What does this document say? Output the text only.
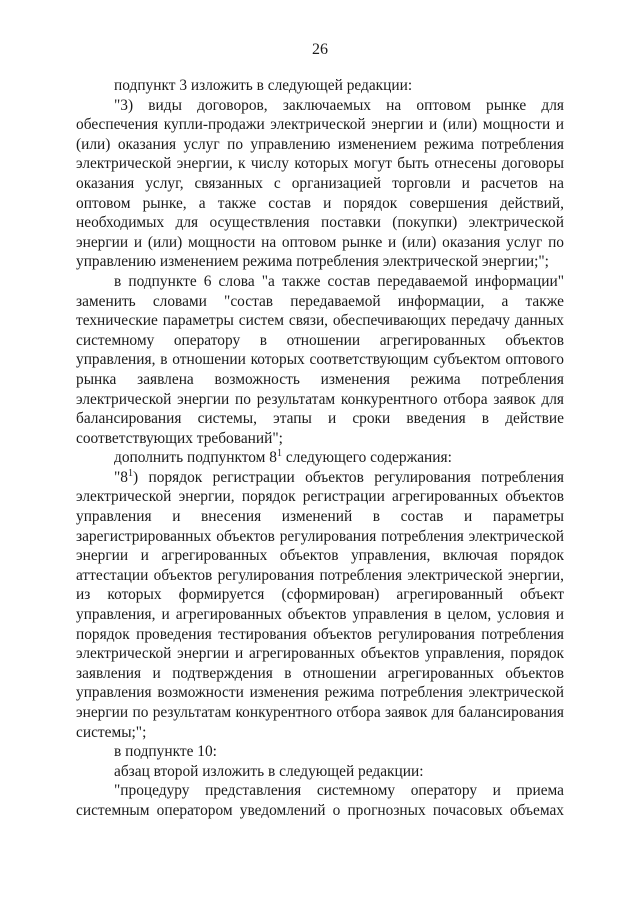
26

подпункт 3 изложить в следующей редакции:

"3) виды договоров, заключаемых на оптовом рынке для обеспечения купли-продажи электрической энергии и (или) мощности и (или) оказания услуг по управлению изменением режима потребления электрической энергии, к числу которых могут быть отнесены договоры оказания услуг, связанных с организацией торговли и расчетов на оптовом рынке, а также состав и порядок совершения действий, необходимых для осуществления поставки (покупки) электрической энергии и (или) мощности на оптовом рынке и (или) оказания услуг по управлению изменением режима потребления электрической энергии;";

в подпункте 6 слова "а также состав передаваемой информации" заменить словами "состав передаваемой информации, а также технические параметры систем связи, обеспечивающих передачу данных системному оператору в отношении агрегированных объектов управления, в отношении которых соответствующим субъектом оптового рынка заявлена возможность изменения режима потребления электрической энергии по результатам конкурентного отбора заявок для балансирования системы, этапы и сроки введения в действие соответствующих требований";

дополнить подпунктом $8^1$ следующего содержания:

"$8^1$) порядок регистрации объектов регулирования потребления электрической энергии, порядок регистрации агрегированных объектов управления и внесения изменений в состав и параметры зарегистрированных объектов регулирования потребления электрической энергии и агрегированных объектов управления, включая порядок аттестации объектов регулирования потребления электрической энергии, из которых формируется (сформирован) агрегированный объект управления, и агрегированных объектов управления в целом, условия и порядок проведения тестирования объектов регулирования потребления электрической энергии и агрегированных объектов управления, порядок заявления и подтверждения в отношении агрегированных объектов управления возможности изменения режима потребления электрической энергии по результатам конкурентного отбора заявок для балансирования системы;";

в подпункте 10:

абзац второй изложить в следующей редакции:

"процедуру представления системному оператору и приема системным оператором уведомлений о прогнозных почасовых объемах
